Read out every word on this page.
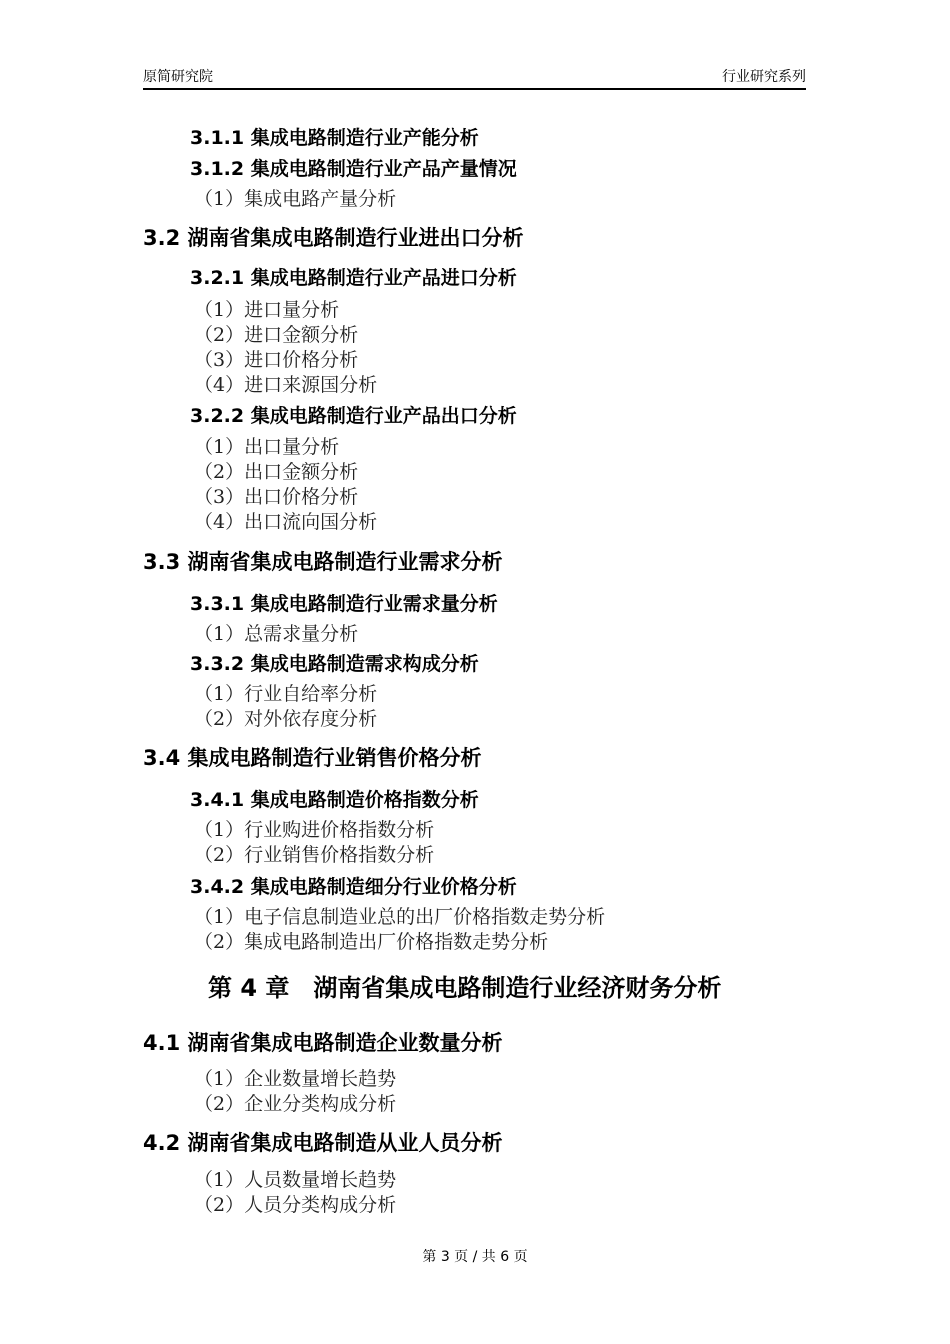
原简研究院	行业研究系列
3.1.1 集成电路制造行业产能分析
3.1.2 集成电路制造行业产品产量情况
（1）集成电路产量分析
3.2 湖南省集成电路制造行业进出口分析
3.2.1 集成电路制造行业产品进口分析
（1）进口量分析
（2）进口金额分析
（3）进口价格分析
（4）进口来源国分析
3.2.2 集成电路制造行业产品出口分析
（1）出口量分析
（2）出口金额分析
（3）出口价格分析
（4）出口流向国分析
3.3 湖南省集成电路制造行业需求分析
3.3.1 集成电路制造行业需求量分析
（1）总需求量分析
3.3.2 集成电路制造需求构成分析
（1）行业自给率分析
（2）对外依存度分析
3.4 集成电路制造行业销售价格分析
3.4.1 集成电路制造价格指数分析
（1）行业购进价格指数分析
（2）行业销售价格指数分析
3.4.2 集成电路制造细分行业价格分析
（1）电子信息制造业总的出厂价格指数走势分析
（2）集成电路制造出厂价格指数走势分析
第 4 章　湖南省集成电路制造行业经济财务分析
4.1 湖南省集成电路制造企业数量分析
（1）企业数量增长趋势
（2）企业分类构成分析
4.2 湖南省集成电路制造从业人员分析
（1）人员数量增长趋势
（2）人员分类构成分析
第 3 页 / 共 6 页
